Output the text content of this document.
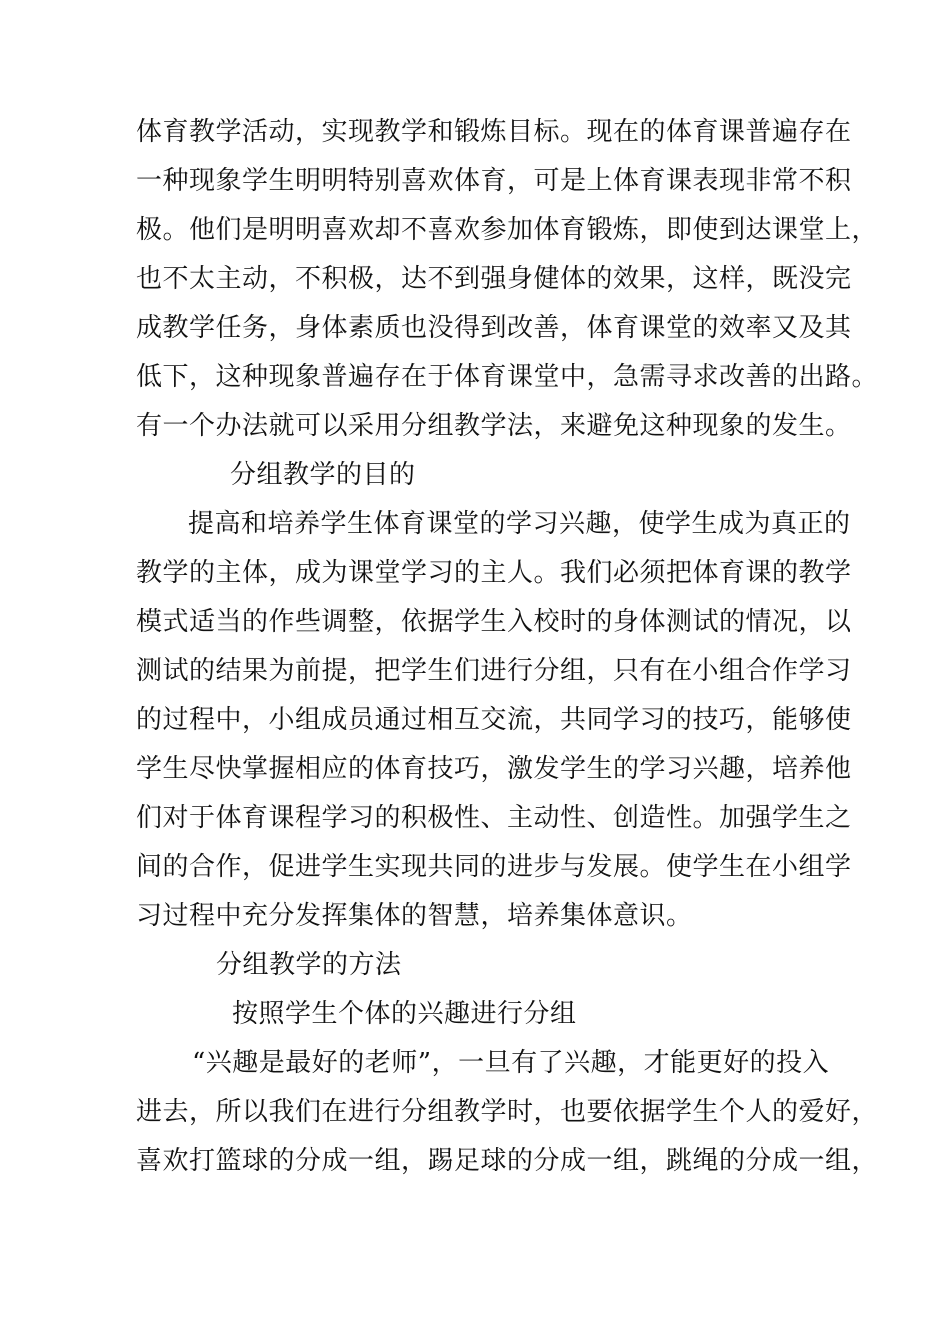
体育教学活动，实现教学和锻炼目标。现在的体育课普遍存在
一种现象学生明明特别喜欢体育，可是上体育课表现非常不积
极。他们是明明喜欢却不喜欢参加体育锻炼，即使到达课堂上，
也不太主动，不积极，达不到强身健体的效果，这样，既没完
成教学任务，身体素质也没得到改善，体育课堂的效率又及其
低下，这种现象普遍存在于体育课堂中，急需寻求改善的出路。
有一个办法就可以采用分组教学法，来避免这种现象的发生。
分组教学的目的
提高和培养学生体育课堂的学习兴趣，使学生成为真正的
教学的主体，成为课堂学习的主人。我们必须把体育课的教学
模式适当的作些调整，依据学生入校时的身体测试的情况，以
测试的结果为前提，把学生们进行分组，只有在小组合作学习
的过程中，小组成员通过相互交流，共同学习的技巧，能够使
学生尽快掌握相应的体育技巧，激发学生的学习兴趣，培养他
们对于体育课程学习的积极性、主动性、创造性。加强学生之
间的合作，促进学生实现共同的进步与发展。使学生在小组学
习过程中充分发挥集体的智慧，培养集体意识。
分组教学的方法
按照学生个体的兴趣进行分组
“兴趣是最好的老师”，一旦有了兴趣，才能更好的投入
进去，所以我们在进行分组教学时，也要依据学生个人的爱好，
喜欢打篮球的分成一组，踢足球的分成一组，跳绳的分成一组，
